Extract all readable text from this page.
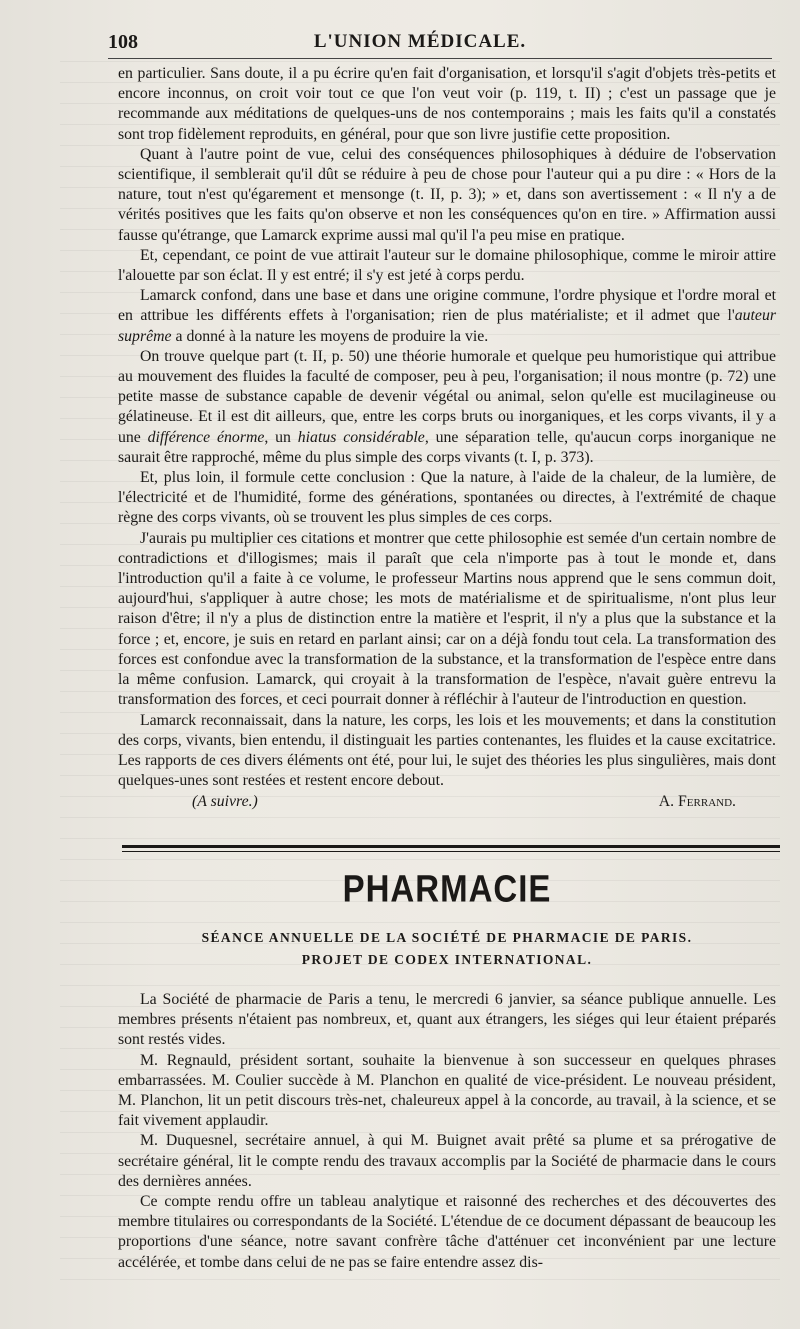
108	L'UNION MÉDICALE.

en particulier. Sans doute, il a pu écrire qu'en fait d'organisation, et lorsqu'il s'agit d'objets très-petits et encore inconnus, on croit voir tout ce que l'on veut voir (p. 119, t. II) ; c'est un passage que je recommande aux méditations de quelques-uns de nos contemporains ; mais les faits qu'il a constatés sont trop fidèlement reproduits, en général, pour que son livre justifie cette proposition.

Quant à l'autre point de vue, celui des conséquences philosophiques à déduire de l'observation scientifique, il semblerait qu'il dût se réduire à peu de chose pour l'auteur qui a pu dire : « Hors de la nature, tout n'est qu'égarement et mensonge (t. II, p. 3); » et, dans son avertissement : « Il n'y a de vérités positives que les faits qu'on observe et non les conséquences qu'on en tire. » Affirmation aussi fausse qu'étrange, que Lamarck exprime aussi mal qu'il l'a peu mise en pratique.

Et, cependant, ce point de vue attirait l'auteur sur le domaine philosophique, comme le miroir attire l'alouette par son éclat. Il y est entré; il s'y est jeté à corps perdu.

Lamarck confond, dans une base et dans une origine commune, l'ordre physique et l'ordre moral et en attribue les différents effets à l'organisation; rien de plus matérialiste; et il admet que l'auteur suprême a donné à la nature les moyens de produire la vie.

On trouve quelque part (t. II, p. 50) une théorie humorale et quelque peu humoristique qui attribue au mouvement des fluides la faculté de composer, peu à peu, l'organisation; il nous montre (p. 72) une petite masse de substance capable de devenir végétal ou animal, selon qu'elle est mucilagineuse ou gélatineuse. Et il est dit ailleurs, que, entre les corps bruts ou inorganiques, et les corps vivants, il y a une différence énorme, un hiatus considérable, une séparation telle, qu'aucun corps inorganique ne saurait être rapproché, même du plus simple des corps vivants (t. I, p. 373).

Et, plus loin, il formule cette conclusion : Que la nature, à l'aide de la chaleur, de la lumière, de l'électricité et de l'humidité, forme des générations, spontanées ou directes, à l'extrémité de chaque règne des corps vivants, où se trouvent les plus simples de ces corps.

J'aurais pu multiplier ces citations et montrer que cette philosophie est semée d'un certain nombre de contradictions et d'illogismes; mais il paraît que cela n'importe pas à tout le monde et, dans l'introduction qu'il a faite à ce volume, le professeur Martins nous apprend que le sens commun doit, aujourd'hui, s'appliquer à autre chose; les mots de matérialisme et de spiritualisme, n'ont plus leur raison d'être; il n'y a plus de distinction entre la matière et l'esprit, il n'y a plus que la substance et la force ; et, encore, je suis en retard en parlant ainsi; car on a déjà fondu tout cela. La transformation des forces est confondue avec la transformation de la substance, et la transformation de l'espèce entre dans la même confusion. Lamarck, qui croyait à la transformation de l'espèce, n'avait guère entrevu la transformation des forces, et ceci pourrait donner à réfléchir à l'auteur de l'introduction en question.

Lamarck reconnaissait, dans la nature, les corps, les lois et les mouvements; et dans la constitution des corps, vivants, bien entendu, il distinguait les parties contenantes, les fluides et la cause excitatrice. Les rapports de ces divers éléments ont été, pour lui, le sujet des théories les plus singulières, mais dont quelques-unes sont restées et restent encore debout.

(A suivre.)	A. Ferrand.

PHARMACIE
SÉANCE ANNUELLE DE LA SOCIÉTÉ DE PHARMACIE DE PARIS.
PROJET DE CODEX INTERNATIONAL.

La Société de pharmacie de Paris a tenu, le mercredi 6 janvier, sa séance publique annuelle. Les membres présents n'étaient pas nombreux, et, quant aux étrangers, les siéges qui leur étaient préparés sont restés vides.

M. Regnauld, président sortant, souhaite la bienvenue à son successeur en quelques phrases embarrassées. M. Coulier succède à M. Planchon en qualité de vice-président. Le nouveau président, M. Planchon, lit un petit discours très-net, chaleureux appel à la concorde, au travail, à la science, et se fait vivement applaudir.

M. Duquesnel, secrétaire annuel, à qui M. Buignet avait prêté sa plume et sa prérogative de secrétaire général, lit le compte rendu des travaux accomplis par la Société de pharmacie dans le cours des dernières années.

Ce compte rendu offre un tableau analytique et raisonné des recherches et des découvertes des membre titulaires ou correspondants de la Société. L'étendue de ce document dépassant de beaucoup les proportions d'une séance, notre savant confrère tâche d'atténuer cet inconvénient par une lecture accélérée, et tombe dans celui de ne pas se faire entendre assez dis-
